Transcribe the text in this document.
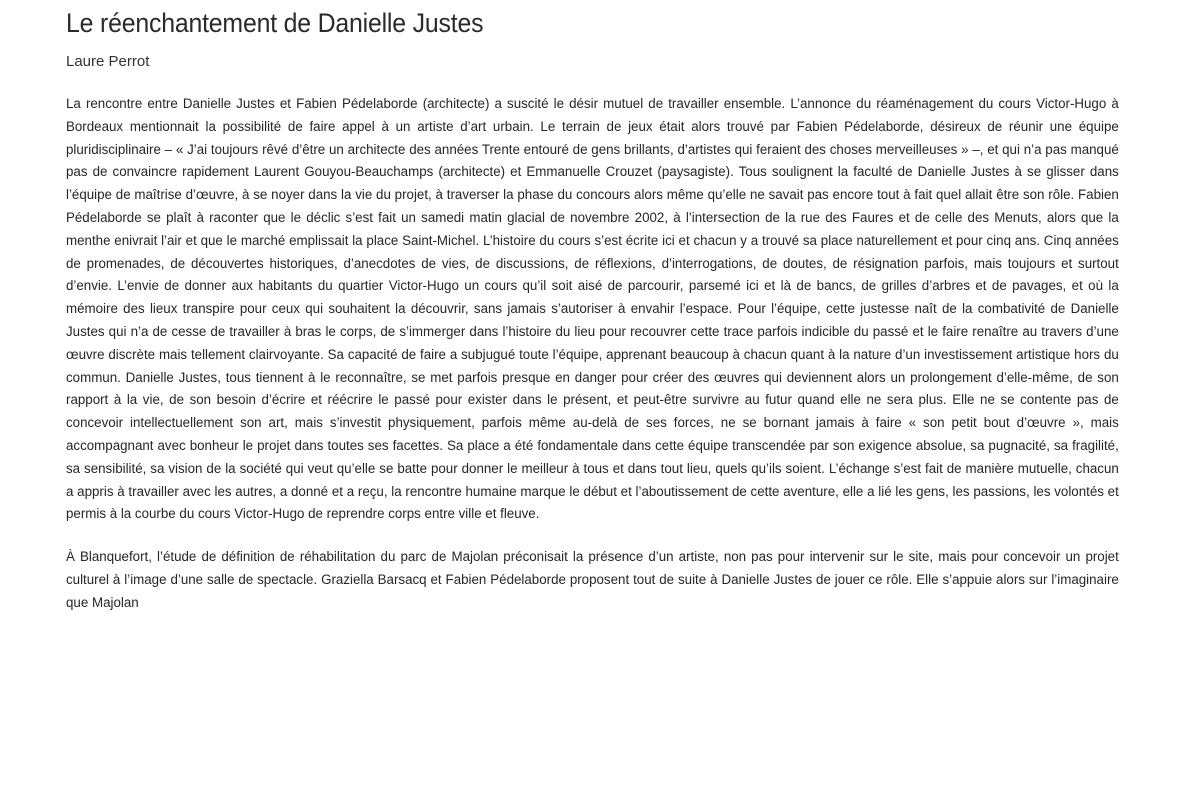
Le réenchantement de Danielle Justes

Laure Perrot

La rencontre entre Danielle Justes et Fabien Pédelaborde (architecte) a suscité le désir mutuel de travailler ensemble. L’annonce du réaménagement du cours Victor-Hugo à Bordeaux mentionnait la possibilité de faire appel à un artiste d’art urbain. Le terrain de jeux était alors trouvé par Fabien Pédelaborde, désireux de réunir une équipe pluridisciplinaire – « J’ai toujours rêvé d’être un architecte des années Trente entouré de gens brillants, d’artistes qui feraient des choses merveilleuses » –, et qui n’a pas manqué pas de convaincre rapidement Laurent Gouyou-Beauchamps (architecte) et Emmanuelle Crouzet (paysagiste). Tous soulignent la faculté de Danielle Justes à se glisser dans l’équipe de maîtrise d’œuvre, à se noyer dans la vie du projet, à traverser la phase du concours alors même qu’elle ne savait pas encore tout à fait quel allait être son rôle. Fabien Pédelaborde se plaît à raconter que le déclic s’est fait un samedi matin glacial de novembre 2002, à l’intersection de la rue des Faures et de celle des Menuts, alors que la menthe enivrait l’air et que le marché emplissait la place Saint-Michel. L’histoire du cours s’est écrite ici et chacun y a trouvé sa place naturellement et pour cinq ans. Cinq années de promenades, de découvertes historiques, d’anecdotes de vies, de discussions, de réflexions, d’interrogations, de doutes, de résignation parfois, mais toujours et surtout d’envie. L’envie de donner aux habitants du quartier Victor-Hugo un cours qu’il soit aisé de parcourir, parsemé ici et là de bancs, de grilles d’arbres et de pavages, et où la mémoire des lieux transpire pour ceux qui souhaitent la découvrir, sans jamais s’autoriser à envahir l’espace. Pour l’équipe, cette justesse naît de la combativité de Danielle Justes qui n’a de cesse de travailler à bras le corps, de s’immerger dans l’histoire du lieu pour recouvrer cette trace parfois indicible du passé et le faire renaître au travers d’une œuvre discrète mais tellement clairvoyante. Sa capacité de faire a subjugué toute l’équipe, apprenant beaucoup à chacun quant à la nature d’un investissement artistique hors du commun. Danielle Justes, tous tiennent à le reconnaître, se met parfois presque en danger pour créer des œuvres qui deviennent alors un prolongement d’elle-même, de son rapport à la vie, de son besoin d’écrire et réécrire le passé pour exister dans le présent, et peut-être survivre au futur quand elle ne sera plus. Elle ne se contente pas de concevoir intellectuellement son art, mais s’investit physiquement, parfois même au-delà de ses forces, ne se bornant jamais à faire « son petit bout d’œuvre », mais accompagnant avec bonheur le projet dans toutes ses facettes. Sa place a été fondamentale dans cette équipe transcendée par son exigence absolue, sa pugnacité, sa fragilité, sa sensibilité, sa vision de la société qui veut qu’elle se batte pour donner le meilleur à tous et dans tout lieu, quels qu’ils soient. L’échange s’est fait de manière mutuelle, chacun a appris à travailler avec les autres, a donné et a reçu, la rencontre humaine marque le début et l’aboutissement de cette aventure, elle a lié les gens, les passions, les volontés et permis à la courbe du cours Victor-Hugo de reprendre corps entre ville et fleuve.

À Blanquefort, l’étude de définition de réhabilitation du parc de Majolan préconisait la présence d’un artiste, non pas pour intervenir sur le site, mais pour concevoir un projet culturel à l’image d’une salle de spectacle. Graziella Barsacq et Fabien Pédelaborde proposent tout de suite à Danielle Justes de jouer ce rôle. Elle s’appuie alors sur l’imaginaire que Majolan
